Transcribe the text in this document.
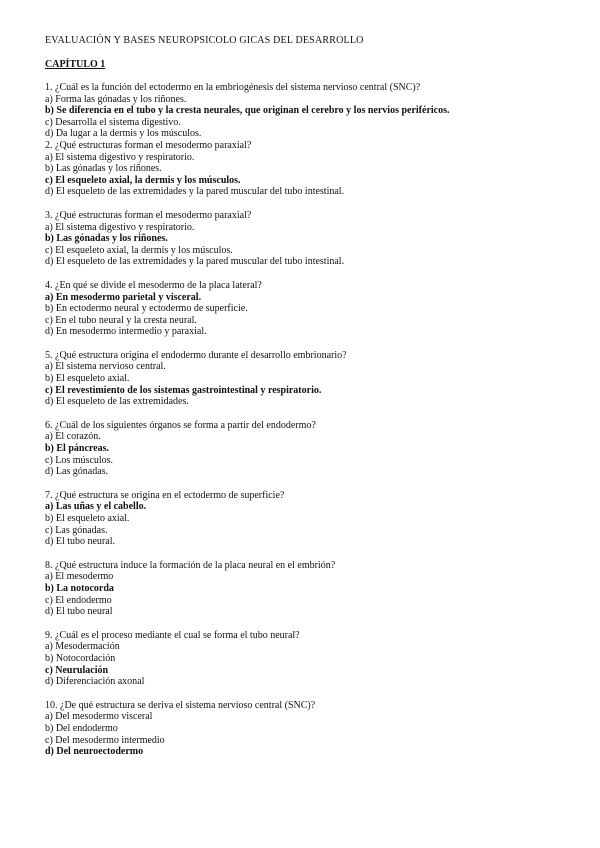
EVALUACIÓN Y BASES NEUROPSICOLO GICAS DEL DESARROLLO
CAPÍTULO 1
1. ¿Cuál es la función del ectodermo en la embriogénesis del sistema nervioso central (SNC)?
a) Forma las gónadas y los riñones.
b) Se diferencia en el tubo y la cresta neurales, que originan el cerebro y los nervios periféricos.
c) Desarrolla el sistema digestivo.
d) Da lugar a la dermis y los músculos.
2. ¿Qué estructuras forman el mesodermo paraxial?
a) El sistema digestivo y respiratorio.
b) Las gónadas y los riñones.
c) El esqueleto axial, la dermis y los músculos.
d) El esqueleto de las extremidades y la pared muscular del tubo intestinal.
3. ¿Qué estructuras forman el mesodermo paraxial?
a) El sistema digestivo y respiratorio.
b) Las gónadas y los riñones.
c) El esqueleto axial, la dermis y los músculos.
d) El esqueleto de las extremidades y la pared muscular del tubo intestinal.
4. ¿En qué se divide el mesodermo de la placa lateral?
a) En mesodermo parietal y visceral.
b) En ectodermo neural y ectodermo de superficie.
c) En el tubo neural y la cresta neural.
d) En mesodermo intermedio y paraxial.
5. ¿Qué estructura origina el endodermo durante el desarrollo embrionario?
a) El sistema nervioso central.
b) El esqueleto axial.
c) El revestimiento de los sistemas gastrointestinal y respiratorio.
d) El esqueleto de las extremidades.
6. ¿Cuál de los siguientes órganos se forma a partir del endodermo?
a) El corazón.
b) El páncreas.
c) Los músculos.
d) Las gónadas.
7. ¿Qué estructura se origina en el ectodermo de superficie?
a) Las uñas y el cabello.
b) El esqueleto axial.
c) Las gónadas.
d) El tubo neural.
8. ¿Qué estructura induce la formación de la placa neural en el embrión?
a) El mesodermo
b) La notocorda
c) El endodermo
d) El tubo neural
9. ¿Cuál es el proceso mediante el cual se forma el tubo neural?
a) Mesodermación
b) Notocordación
c) Neurulación
d) Diferenciación axonal
10. ¿De qué estructura se deriva el sistema nervioso central (SNC)?
a) Del mesodermo visceral
b) Del endodermo
c) Del mesodermo intermedio
d) Del neuroectodermo
